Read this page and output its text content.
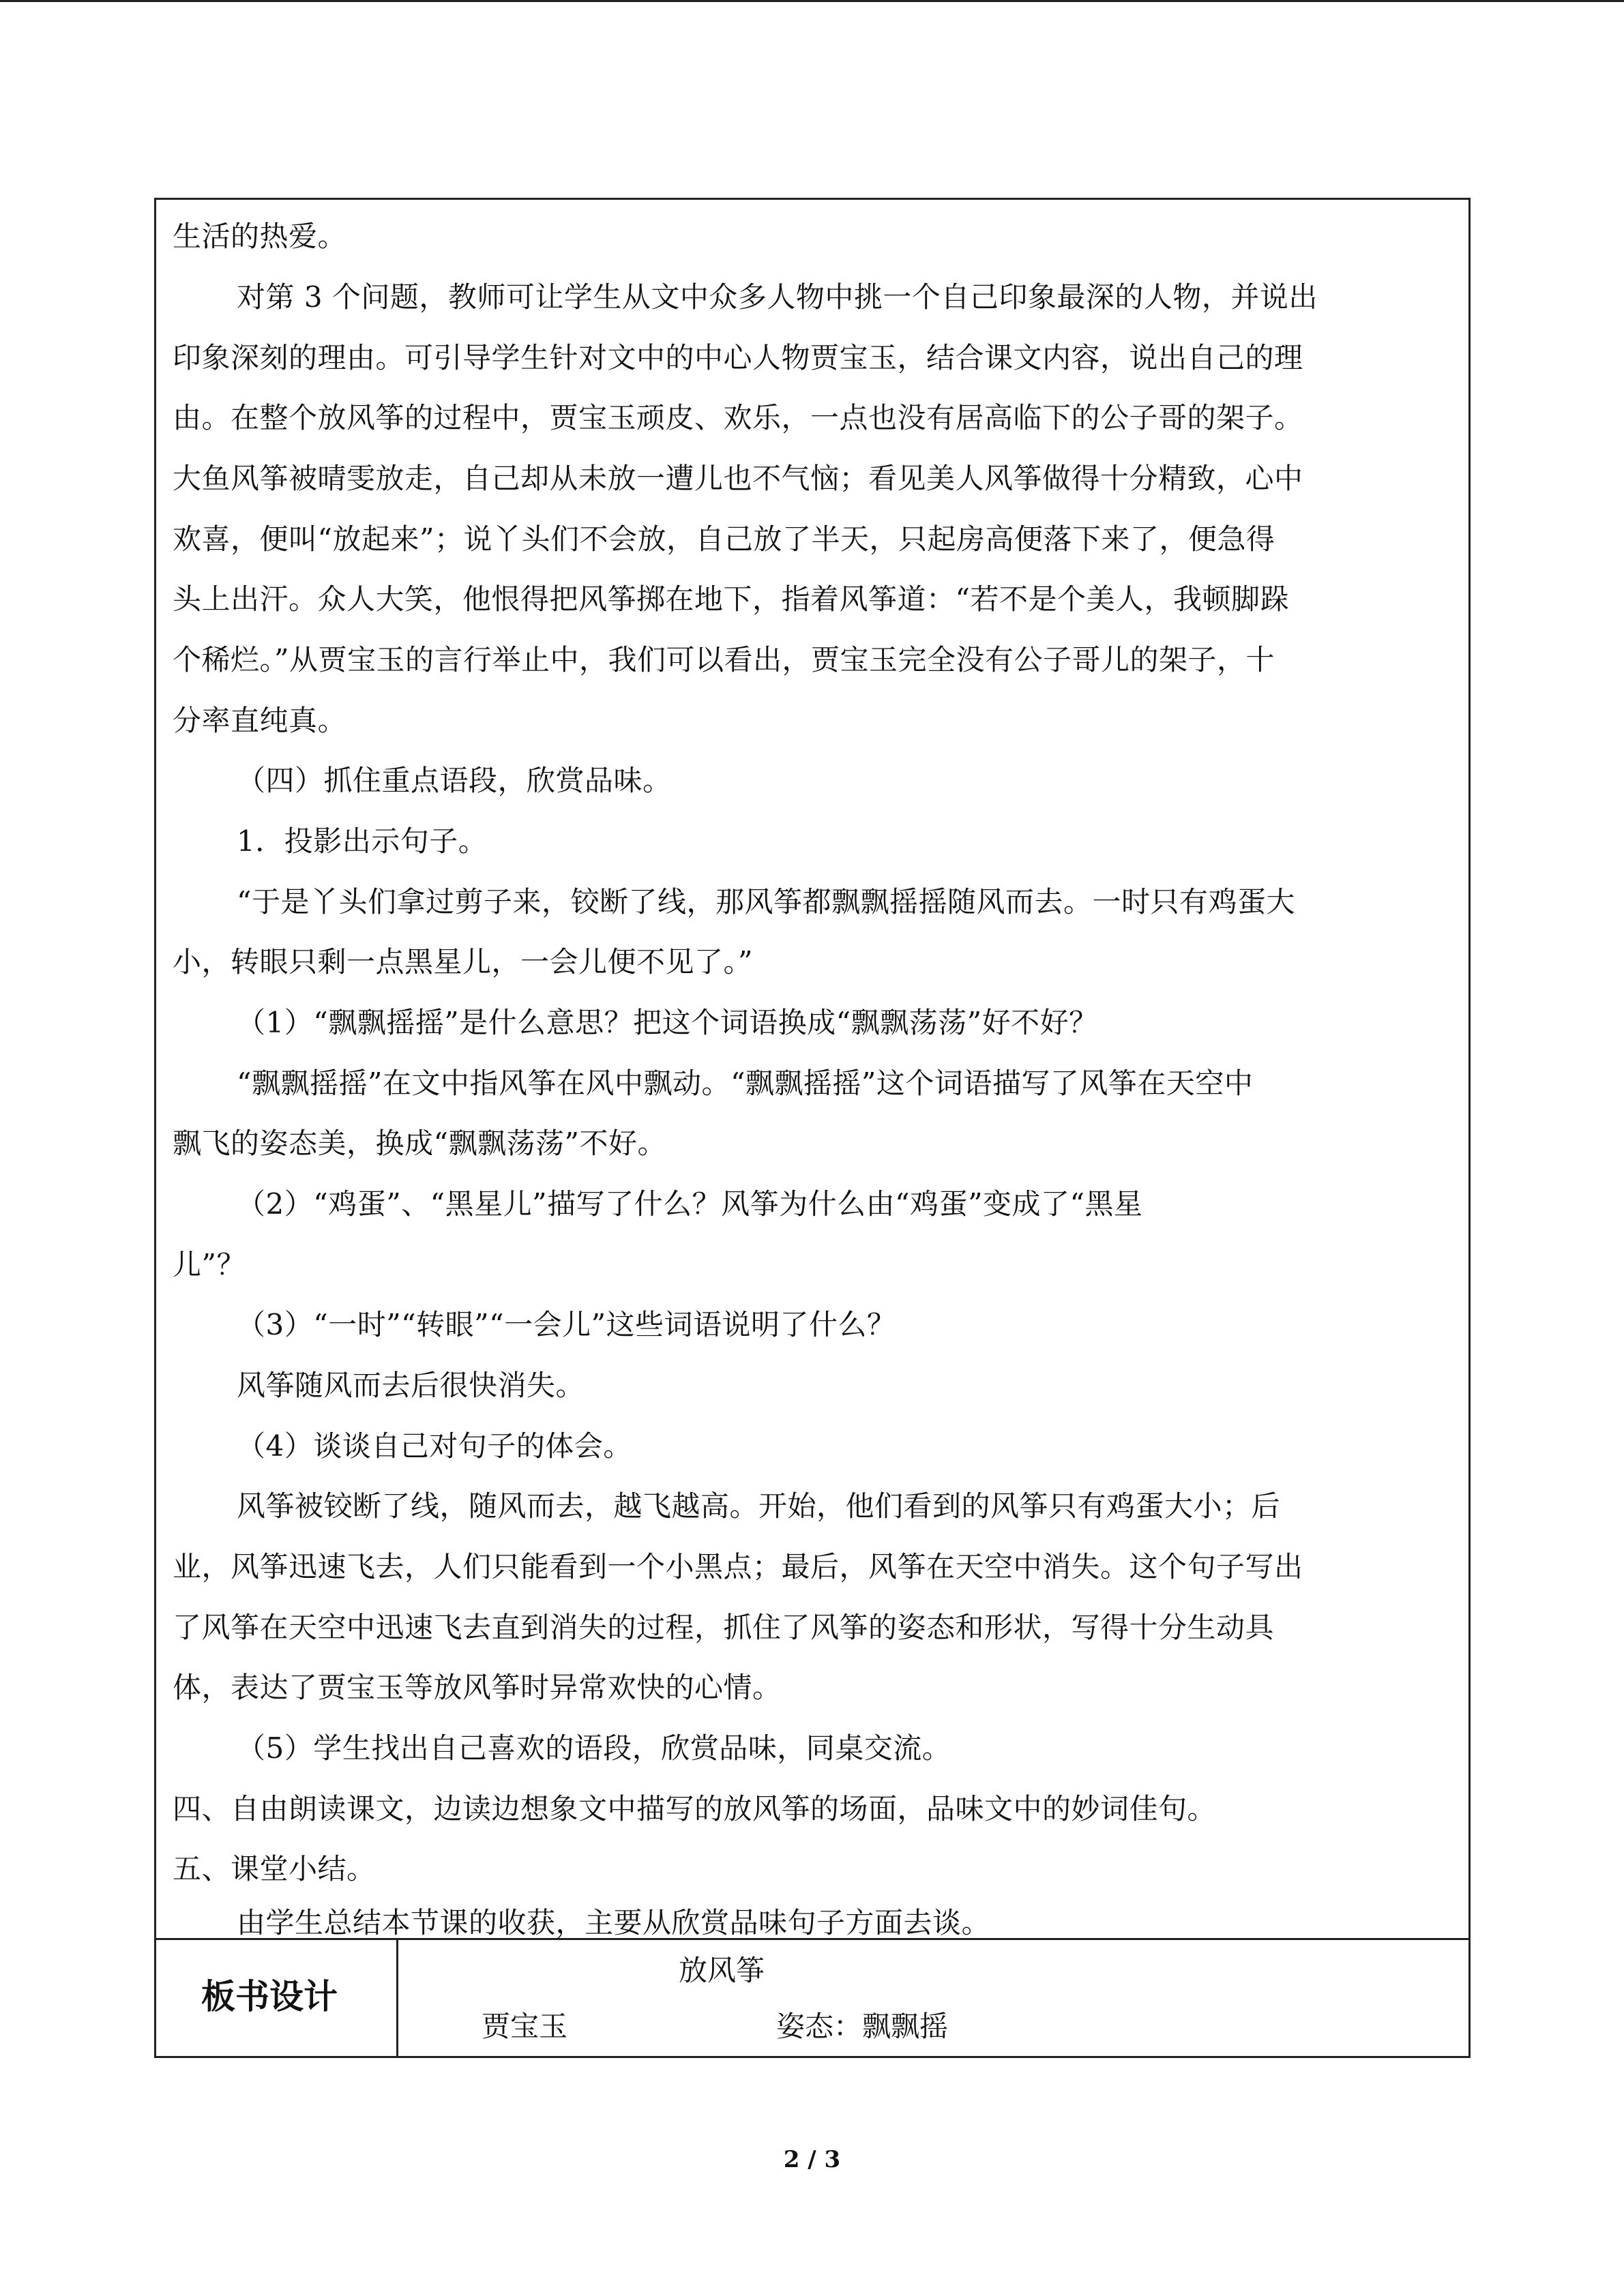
生活的热爱。
对第 3 个问题，教师可让学生从文中众多人物中挑一个自己印象最深的人物，并说出
印象深刻的理由。可引导学生针对文中的中心人物贾宝玉，结合课文内容，说出自己的理
由。在整个放风筝的过程中，贾宝玉顽皮、欢乐，一点也没有居高临下的公子哥的架子。
大鱼风筝被晴雯放走，自己却从未放一遭儿也不气恼；看见美人风筝做得十分精致，心中
欢喜，便叫“放起来”；说丫头们不会放，自己放了半天，只起房高便落下来了，便急得
头上出汗。众人大笑，他恨得把风筝掷在地下，指着风筝道：“若不是个美人，我顿脚跺
个稀烂。”从贾宝玉的言行举止中，我们可以看出，贾宝玉完全没有公子哥儿的架子，十
分率直纯真。
（四）抓住重点语段，欣赏品味。
1．投影出示句子。
“于是丫头们拿过剪子来，铰断了线，那风筝都飘飘摇摇随风而去。一时只有鸡蛋大
小，转眼只剩一点黑星儿，一会儿便不见了。”
（1）“飘飘摇摇”是什么意思？把这个词语换成“飘飘荡荡”好不好？
“飘飘摇摇”在文中指风筝在风中飘动。“飘飘摇摇”这个词语描写了风筝在天空中
飘飞的姿态美，换成“飘飘荡荡”不好。
（2）“鸡蛋”、“黑星儿”描写了什么？风筝为什么由“鸡蛋”变成了“黑星
儿”？
（3）“一时”“转眼”“一会儿”这些词语说明了什么？
风筝随风而去后很快消失。
（4）谈谈自己对句子的体会。
风筝被铰断了线，随风而去，越飞越高。开始，他们看到的风筝只有鸡蛋大小；后
业，风筝迅速飞去，人们只能看到一个小黑点；最后，风筝在天空中消失。这个句子写出
了风筝在天空中迅速飞去直到消失的过程，抓住了风筝的姿态和形状，写得十分生动具
体，表达了贾宝玉等放风筝时异常欢快的心情。
（5）学生找出自己喜欢的语段，欣赏品味，同桌交流。
四、自由朗读课文，边读边想象文中描写的放风筝的场面，品味文中的妙词佳句。
五、课堂小结。
由学生总结本节课的收获，主要从欣赏品味句子方面去谈。
板书设计
放风筝
贾宝玉	姿态：飘飘摇
2 / 3
